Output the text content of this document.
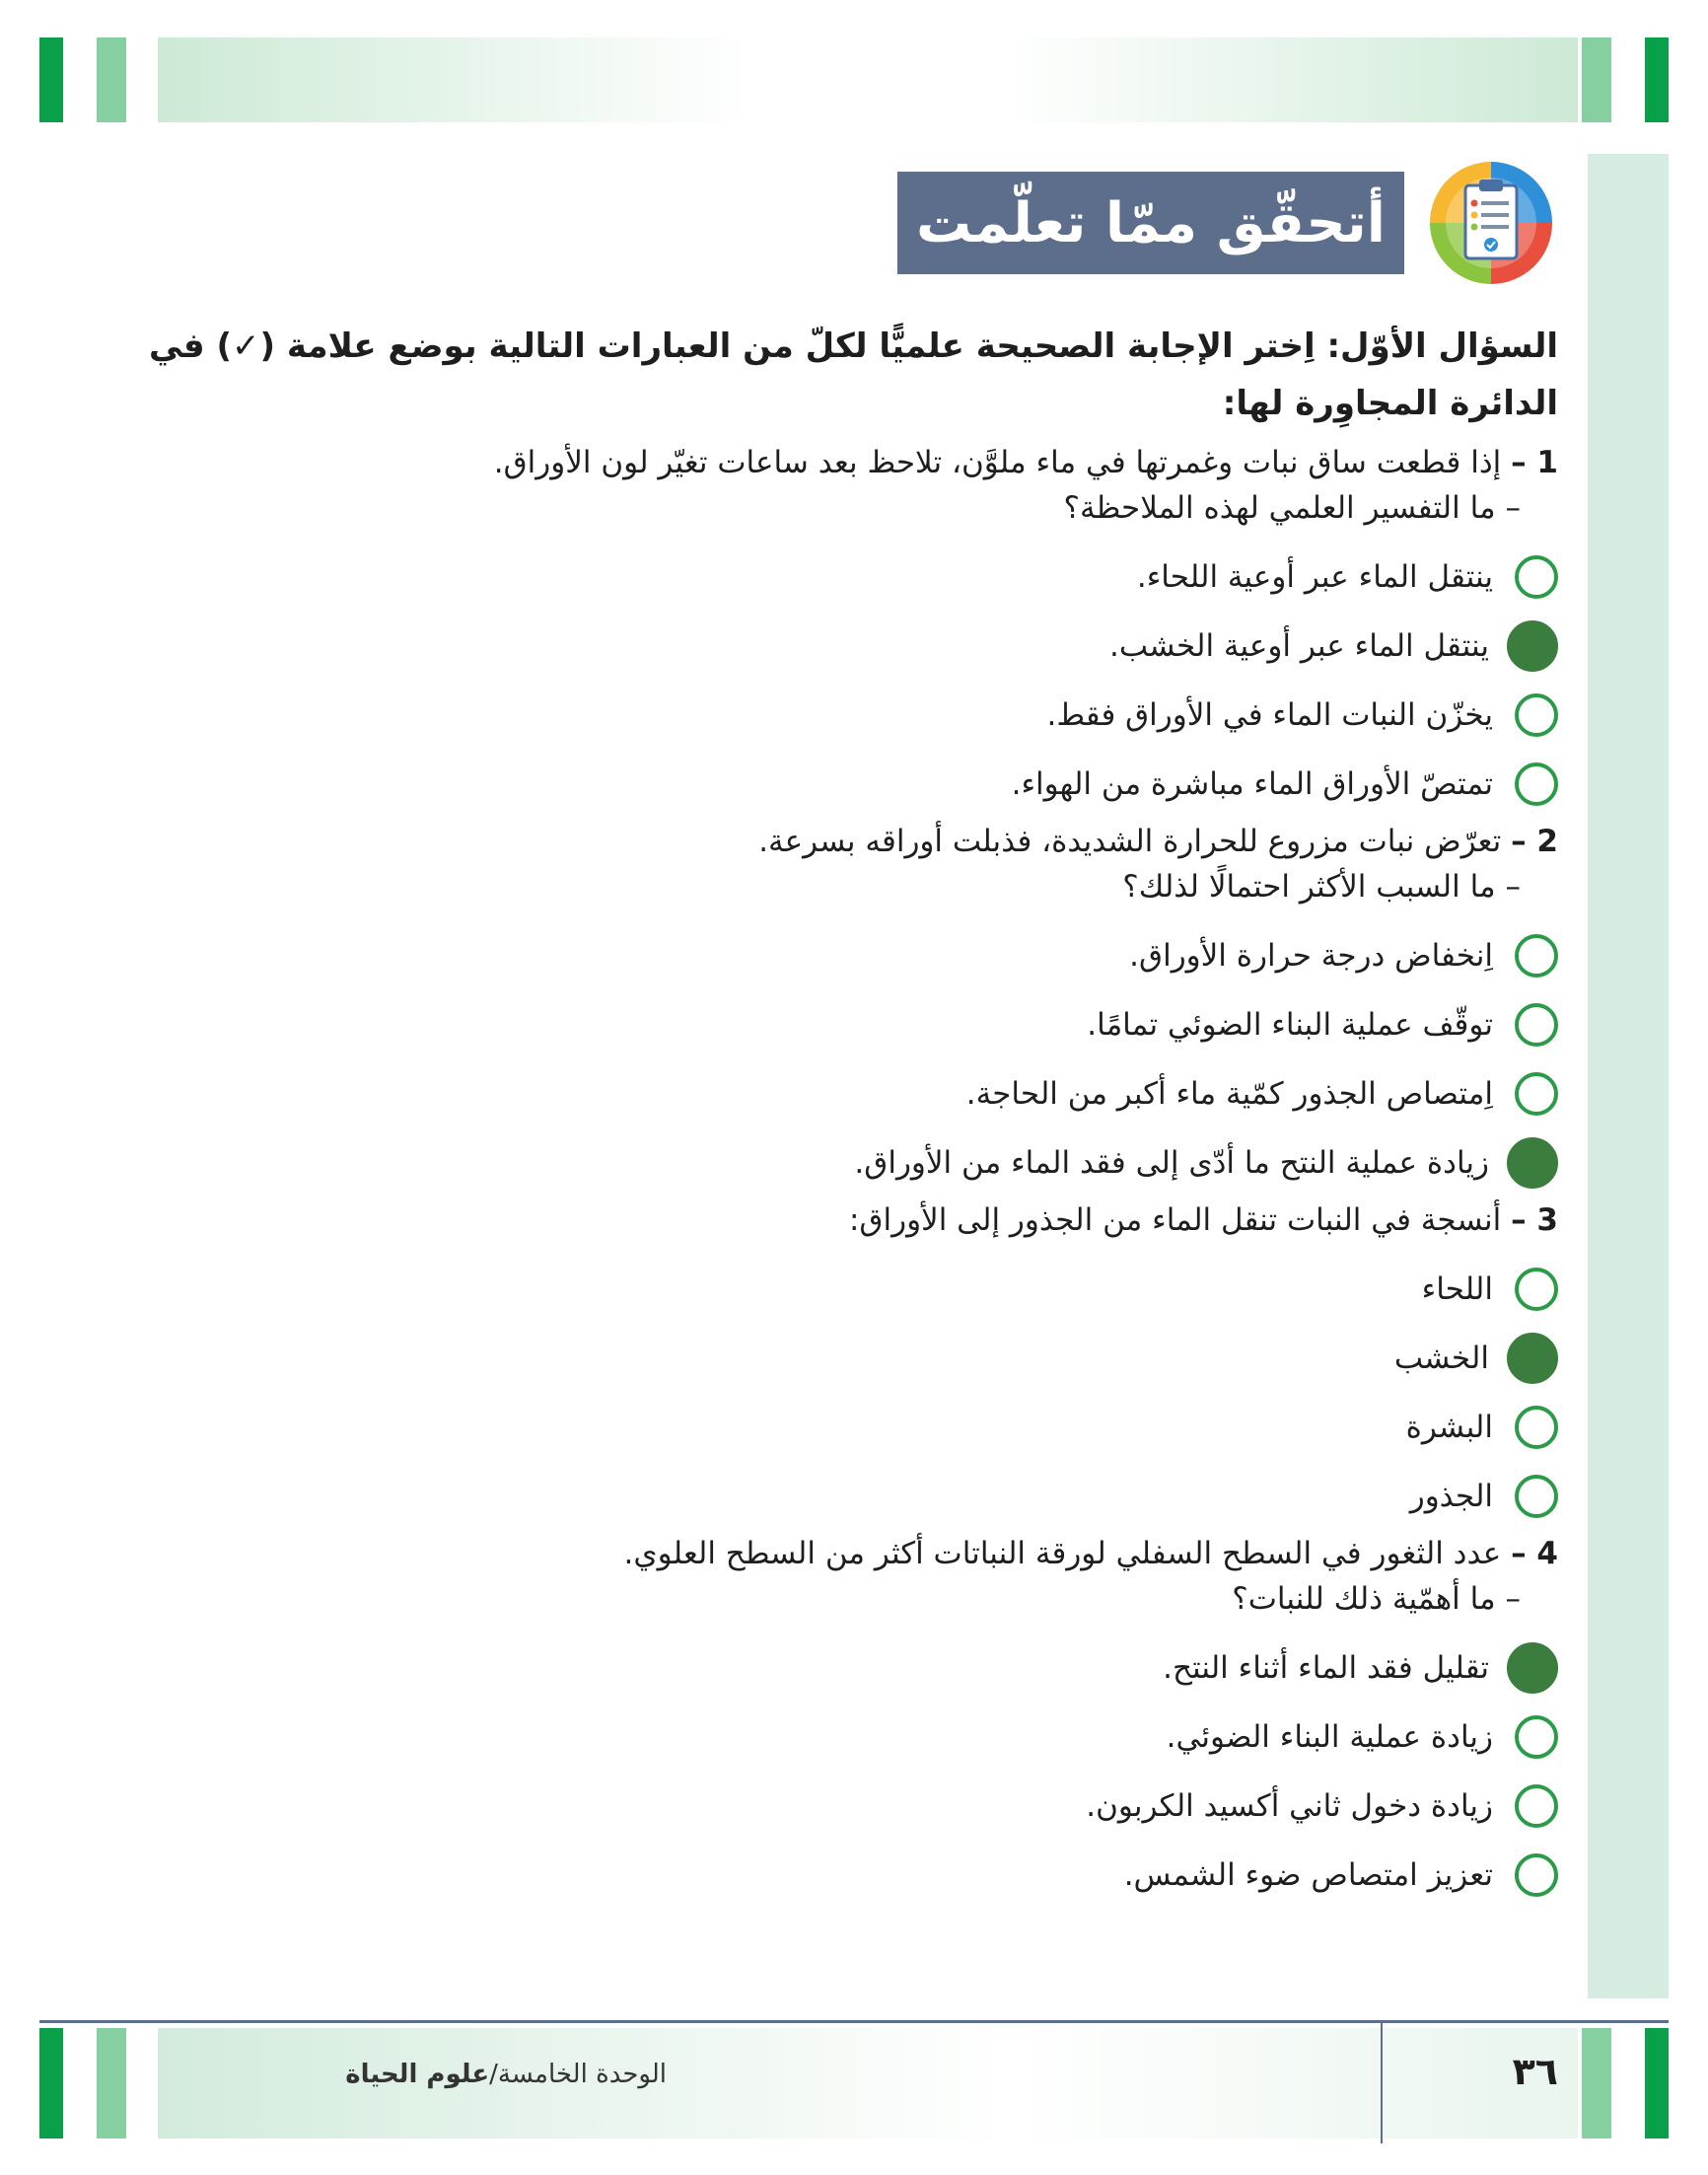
أتحقّق ممّا تعلّمت

السؤال الأوّل: اِختر الإجابة الصحيحة علميًّا لكلّ من العبارات التالية بوضع علامة (✓) في الدائرة المجاوِرة لها:

1 – إذا قطعت ساق نبات وغمرتها في ماء ملوَّن، تلاحظ بعد ساعات تغيّر لون الأوراق.

– ما التفسير العلمي لهذه الملاحظة؟

ينتقل الماء عبر أوعية اللحاء.
ينتقل الماء عبر أوعية الخشب.
يخزّن النبات الماء في الأوراق فقط.
تمتصّ الأوراق الماء مباشرة من الهواء.

2 – تعرّض نبات مزروع للحرارة الشديدة، فذبلت أوراقه بسرعة.

– ما السبب الأكثر احتمالًا لذلك؟

اِنخفاض درجة حرارة الأوراق.
توقّف عملية البناء الضوئي تمامًا.
اِمتصاص الجذور كمّية ماء أكبر من الحاجة.
زيادة عملية النتح ما أدّى إلى فقد الماء من الأوراق.

3 – أنسجة في النبات تنقل الماء من الجذور إلى الأوراق:

اللحاء
الخشب
البشرة
الجذور

4 – عدد الثغور في السطح السفلي لورقة النباتات أكثر من السطح العلوي.

– ما أهمّية ذلك للنبات؟

تقليل فقد الماء أثناء النتح.
زيادة عملية البناء الضوئي.
زيادة دخول ثاني أكسيد الكربون.
تعزيز امتصاص ضوء الشمس.
٣٦
الوحدة الخامسة/علوم الحياة
